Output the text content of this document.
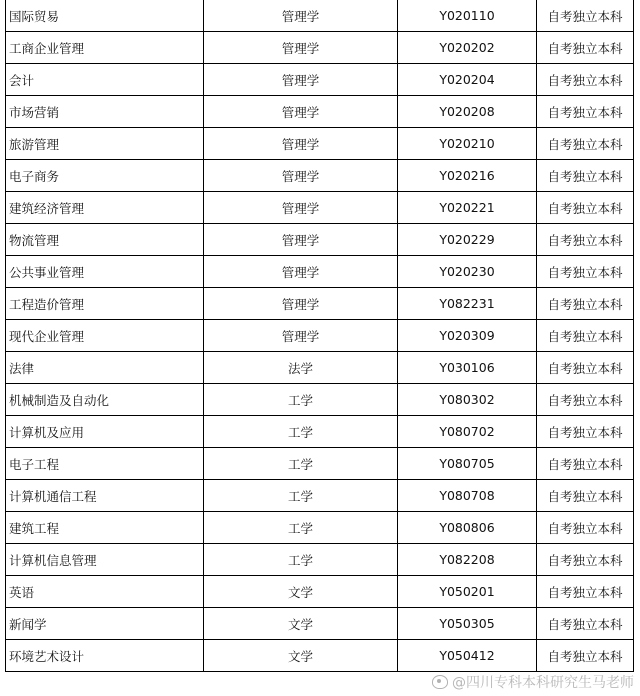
国际贸易	管理学	Y020110	自考独立本科
工商企业管理	管理学	Y020202	自考独立本科
会计	管理学	Y020204	自考独立本科
市场营销	管理学	Y020208	自考独立本科
旅游管理	管理学	Y020210	自考独立本科
电子商务	管理学	Y020216	自考独立本科
建筑经济管理	管理学	Y020221	自考独立本科
物流管理	管理学	Y020229	自考独立本科
公共事业管理	管理学	Y020230	自考独立本科
工程造价管理	管理学	Y082231	自考独立本科
现代企业管理	管理学	Y020309	自考独立本科
法律	法学	Y030106	自考独立本科
机械制造及自动化	工学	Y080302	自考独立本科
计算机及应用	工学	Y080702	自考独立本科
电子工程	工学	Y080705	自考独立本科
计算机通信工程	工学	Y080708	自考独立本科
建筑工程	工学	Y080806	自考独立本科
计算机信息管理	工学	Y082208	自考独立本科
英语	文学	Y050201	自考独立本科
新闻学	文学	Y050305	自考独立本科
环境艺术设计	文学	Y050412	自考独立本科
@四川专科本科研究生马老师
